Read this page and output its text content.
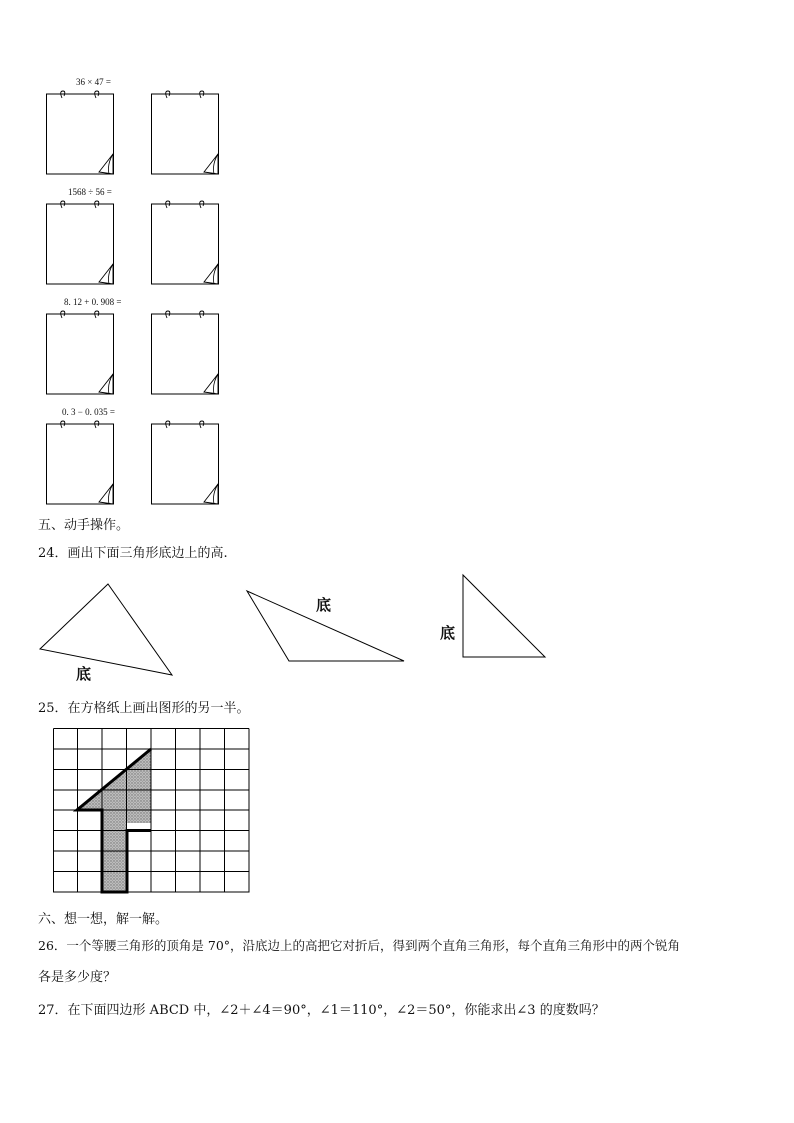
36 × 47 =
1568 ÷ 56 =
8. 12 + 0. 908 =
0. 3 − 0. 035 =
五、动手操作。
24．画出下面三角形底边上的高.
底
底
底
25．在方格纸上画出图形的另一半。
六、想一想，解一解。
26．一个等腰三角形的顶角是 70°，沿底边上的高把它对折后，得到两个直角三角形，每个直角三角形中的两个锐角
各是多少度？
27．在下面四边形 ABCD 中，∠2＋∠4＝90°，∠1＝110°，∠2＝50°，你能求出∠3 的度数吗？
